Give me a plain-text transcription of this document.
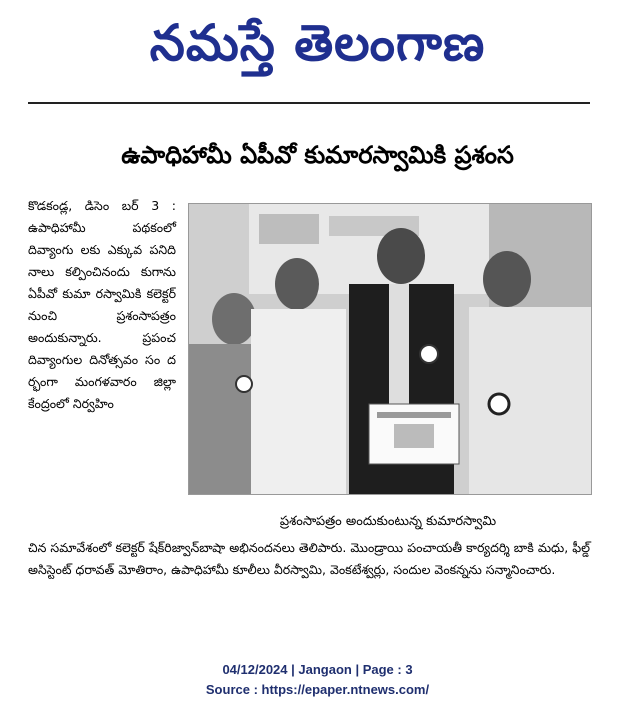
నమస్తే తెలంగాణ
ఉపాధిహామీ ఏపీవో కుమారస్వామికి ప్రశంస

కొడకండ్ల, డిసెం బర్ 3 : ఉపాధిహామీ పథకంలో దివ్యాంగు లకు ఎక్కువ పనిది నాలు కల్పించినందు కుగాను ఏపీవో కుమా రస్వామికి కలెక్టర్ నుంచి ప్రశంసాపత్రం అందుకున్నారు. ప్రపంచ దివ్యాంగుల దినోత్సవం సం ద ర్భంగా మంగళవారం జిల్లా కేంద్రంలో నిర్వహిం

ప్రశంసాపత్రం అందుకుంటున్న కుమారస్వామి
చిన సమావేశంలో కలెక్టర్ షేక్‌రిజ్వాన్‌బాషా అభినందనలు తెలిపారు. మొండ్రాయి పంచాయతీ కార్యదర్శి బాకి మధు, ఫీల్డ్ అసిస్టెంట్ ధరావత్ మోతిరాం, ఉపాధిహామీ కూలీలు వీరస్వామి, వెంకటేశ్వర్లు, సందుల వెంకన్నను సన్మానించారు.
04/12/2024 | Jangaon | Page : 3
Source : https://epaper.ntnews.com/
